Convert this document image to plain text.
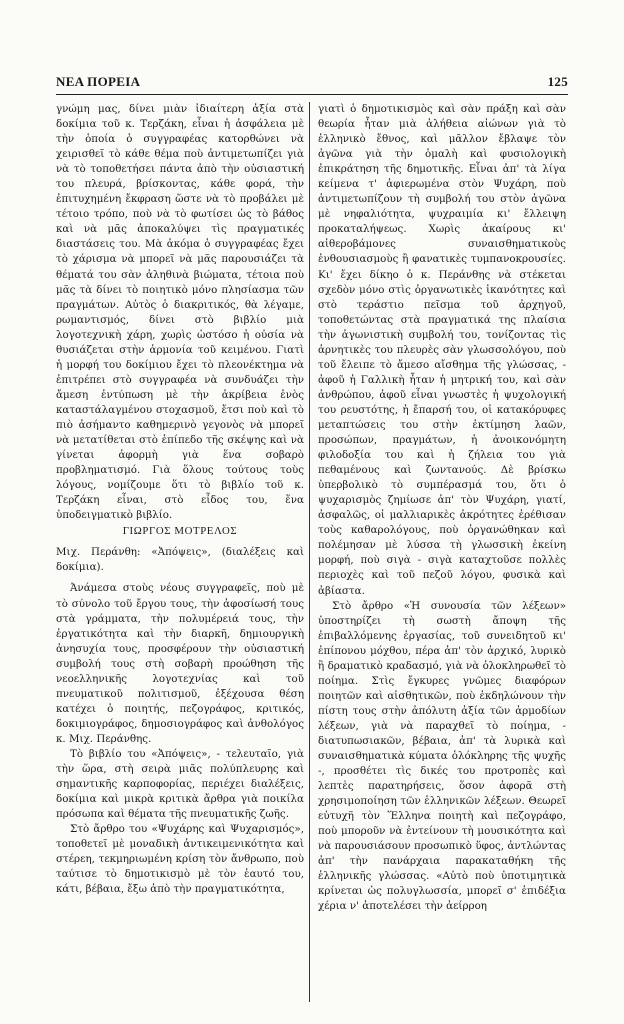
ΝΕΑ ΠΟΡΕΙΑ	125

γνώμη μας, δίνει μιὰν ἰδιαίτερη ἀξία στὰ δοκίμια τοῦ κ. Τερζάκη, εἶναι ἡ ἀσφάλεια μὲ τὴν ὁποία ὁ συγγραφέας κατορθώνει νὰ χειρισθεῖ τὸ κάθε θέμα ποὺ ἀντιμετωπίζει γιὰ νὰ τὸ τοποθετήσει πάντα ἀπὸ τὴν οὐσιαστική του πλευρά, βρίσκοντας, κάθε φορά, τὴν ἐπιτυχημένη ἔκφραση ὥστε νὰ τὸ προβάλει μὲ τέτοιο τρόπο, ποὺ νὰ τὸ φωτίσει ὡς τὸ βάθος καὶ νὰ μᾶς ἀποκαλύψει τὶς πραγματικές διαστάσεις του. Μὰ ἀκόμα ὁ συγγραφέας ἔχει τὸ χάρισμα νὰ μπορεῖ νὰ μᾶς παρουσιάζει τὰ θέματά του σὰν ἀληθινὰ βιώματα, τέτοια ποὺ μᾶς τὰ δίνει τὸ ποιητικὸ μόνο πλησίασμα τῶν πραγμάτων. Αὐτὸς ὁ διακριτικός, θὰ λέγαμε, ρωμαντισμός, δίνει στὸ βιβλίο μιὰ λογοτεχνικὴ χάρη, χωρὶς ὡστόσο ἡ οὐσία νὰ θυσιάζεται στὴν ἁρμονία τοῦ κειμένου. Γιατὶ ἡ μορφή του δοκίμιου ἔχει τὸ πλεονέκτημα νὰ ἐπιτρέπει στὸ συγγραφέα νὰ συνδυάζει τὴν ἄμεση ἐντύπωση μὲ τὴν ἀκρίβεια ἑνὸς καταστάλαγμένου στοχασμοῦ, ἔτσι ποὺ καὶ τὸ πιὸ ἀσήμαντο καθημερινὸ γεγονὸς νὰ μπορεῖ νὰ μετατίθεται στὸ ἐπίπεδο τῆς σκέψης καὶ νὰ γίνεται ἀφορμὴ γιὰ ἕνα σοβαρὸ προβληματισμό. Γιὰ ὅλους τούτους τοὺς λόγους, νομίζουμε ὅτι τὸ βιβλίο τοῦ κ. Τερζάκη εἶναι, στὸ εἶδος του, ἕνα ὑποδειγματικὸ βιβλίο.

ΓΙΩΡΓΟΣ ΜΟΤΡΕΛΟΣ

Μιχ. Περάνθη: «Ἀπόψεις», (διαλέξεις καὶ δοκίμια).

Ἀνάμεσα στοὺς νέους συγγραφεῖς, ποὺ μὲ τὸ σύνολο τοῦ ἔργου τους, τὴν ἀφοσίωσή τους στὰ γράμματα, τὴν πολυμέρειά τους, τὴν ἐργατικότητα καὶ τὴν διαρκῆ, δημιουργικὴ ἀνησυχία τους, προσφέρουν τὴν οὐσιαστική συμβολή τους στὴ σοβαρὴ προώθηση τῆς νεοελληνικῆς λογοτεχνίας καὶ τοῦ πνευματικοῦ πολιτισμοῦ, ἐξέχουσα θέση κατέχει ὁ ποιητής, πεζογράφος, κριτικός, δοκιμιογράφος, δημοσιογράφος καὶ ἀνθολόγος κ. Μιχ. Περάνθης.

Τὸ βιβλίο του «Ἀπόψεις», - τελευταῖο, γιὰ τὴν ὥρα, στὴ σειρὰ μιᾶς πολύπλευρης καὶ σημαντικῆς καρποφορίας, περιέχει διαλέξεις, δοκίμια καὶ μικρὰ κριτικὰ ἄρθρα γιὰ ποικίλα πρόσωπα καὶ θέματα τῆς πνευματικῆς ζωῆς.

Στὸ ἄρθρο του «Ψυχάρης καὶ Ψυχαρισμός», τοποθετεῖ μὲ μοναδικὴ ἀντικειμενικότητα καὶ στέρεη, τεκμηριωμένη κρίση τὸν ἄνθρωπο, ποὺ ταύτισε τὸ δημοτικισμὸ μὲ τὸν ἑαυτό του, κάτι, βέβαια, ἔξω ἀπὸ τὴν πραγματικότητα,

γιατὶ ὁ δημοτικισμὸς καὶ σὰν πράξη καὶ σὰν θεωρία ἦταν μιὰ ἀλήθεια αἰώνων γιὰ τὸ ἑλληνικὸ ἔθνος, καὶ μᾶλλον ἔβλαψε τὸν ἀγῶνα γιὰ τὴν ὁμαλὴ καὶ φυσιολογικὴ ἐπικράτηση τῆς δημοτικῆς. Εἶναι ἀπ' τὰ λίγα κείμενα τ' ἀφιερωμένα στὸν Ψυχάρη, ποὺ ἀντιμετωπίζουν τὴ συμβολή του στὸν ἀγῶνα μὲ νηφαλιότητα, ψυχραιμία κι' ἔλλειψη προκαταλήψεως. Χωρὶς ἀκαίρους κι' αἱθεροβάμονες συναισθηματικοὺς ἐνθουσιασμοὺς ἢ φανατικὲς τυμπανοκρουσίες. Κι' ἔχει δίκηο ὁ κ. Περάνθης νὰ στέκεται σχεδὸν μόνο στὶς ὀργανωτικὲς ἱκανότητες καὶ στὸ τεράστιο πεῖσμα τοῦ ἀρχηγοῦ, τοποθετώντας στὰ πραγματικά της πλαίσια τὴν ἀγωνιστικὴ συμβολή του, τονίζοντας τὶς ἀρνητικὲς του πλευρὲς σὰν γλωσσολόγου, ποὺ τοῦ ἔλειπε τὸ ἄμεσο αἴσθημα τῆς γλώσσας, - ἀφοῦ ἡ Γαλλικὴ ἦταν ἡ μητρική του, καὶ σὰν ἀνθρώπου, ἀφοῦ εἶναι γνωστὲς ἡ ψυχολογική του ρευστότης, ἡ ἔπαρσή του, οἱ κατακόρυφες μεταπτώσεις του στὴν ἐκτίμηση λαῶν, προσώπων, πραγμάτων, ἡ ἀνοικονόμητη φιλοδοξία του καὶ ἡ ζήλεια του γιὰ πεθαμένους καὶ ζωντανούς. Δὲ βρίσκω ὑπερβολικὸ τὸ συμπέρασμά του, ὅτι ὁ ψυχαρισμὸς ζημίωσε ἀπ' τὸν Ψυχάρη, γιατί, ἀσφαλῶς, οἱ μαλλιαρικὲς ἀκρότητες ἐρέθισαν τοὺς καθαρολόγους, ποὺ ὀργανώθηκαν καὶ πολέμησαν μὲ λύσσα τὴ γλωσσικὴ ἐκείνη μορφή, ποὺ σιγὰ - σιγὰ καταχτοῦσε πολλὲς περιοχὲς καὶ τοῦ πεζοῦ λόγου, φυσικὰ καὶ ἀβίαστα.

Στὸ ἄρθρο «Ἡ συνουσία τῶν λέξεων» ὑποστηρίζει τὴ σωστὴ ἄποψη τῆς ἐπιβαλλόμενης ἐργασίας, τοῦ συνειδητοῦ κι' ἐπίπονου μόχθου, πέρα ἀπ' τὸν ἀρχικό, λυρικὸ ἢ δραματικὸ κραδασμό, γιὰ νὰ ὁλοκληρωθεῖ τὸ ποίημα. Στὶς ἔγκυρες γνῶμες διαφόρων ποιητῶν καὶ αἰσθητικῶν, ποὺ ἐκδηλώνουν τὴν πίστη τους στὴν ἀπόλυτη ἀξία τῶν ἁρμοδίων λέξεων, γιὰ νὰ παραχθεῖ τὸ ποίημα, - διατυπωσιακῶν, βέβαια, ἀπ' τὰ λυρικὰ καὶ συναισθηματικὰ κύματα ὁλόκληρης τῆς ψυχῆς -, προσθέτει τὶς δικές του προτροπὲς καὶ λεπτὲς παρατηρήσεις, ὅσον ἀφορᾶ στὴ χρησιμοποίηση τῶν ἑλληνικῶν λέξεων. Θεωρεῖ εὐτυχῆ τὸν Ἕλληνα ποιητὴ καὶ πεζογράφο, ποὺ μποροῦν νὰ ἐντείνουν τὴ μουσικότητα καὶ νὰ παρουσιάσουν προσωπικὸ ὕφος, ἀντλώντας ἀπ' τὴν πανάρχαια παρακαταθήκη τῆς ἑλληνικῆς γλώσσας. «Αὐτὸ ποὺ ὑποτιμητικὰ κρίνεται ὡς πολυγλωσσία, μπορεῖ σ' ἐπιδέξια χέρια ν' ἀποτελέσει τὴν ἀείρροη
